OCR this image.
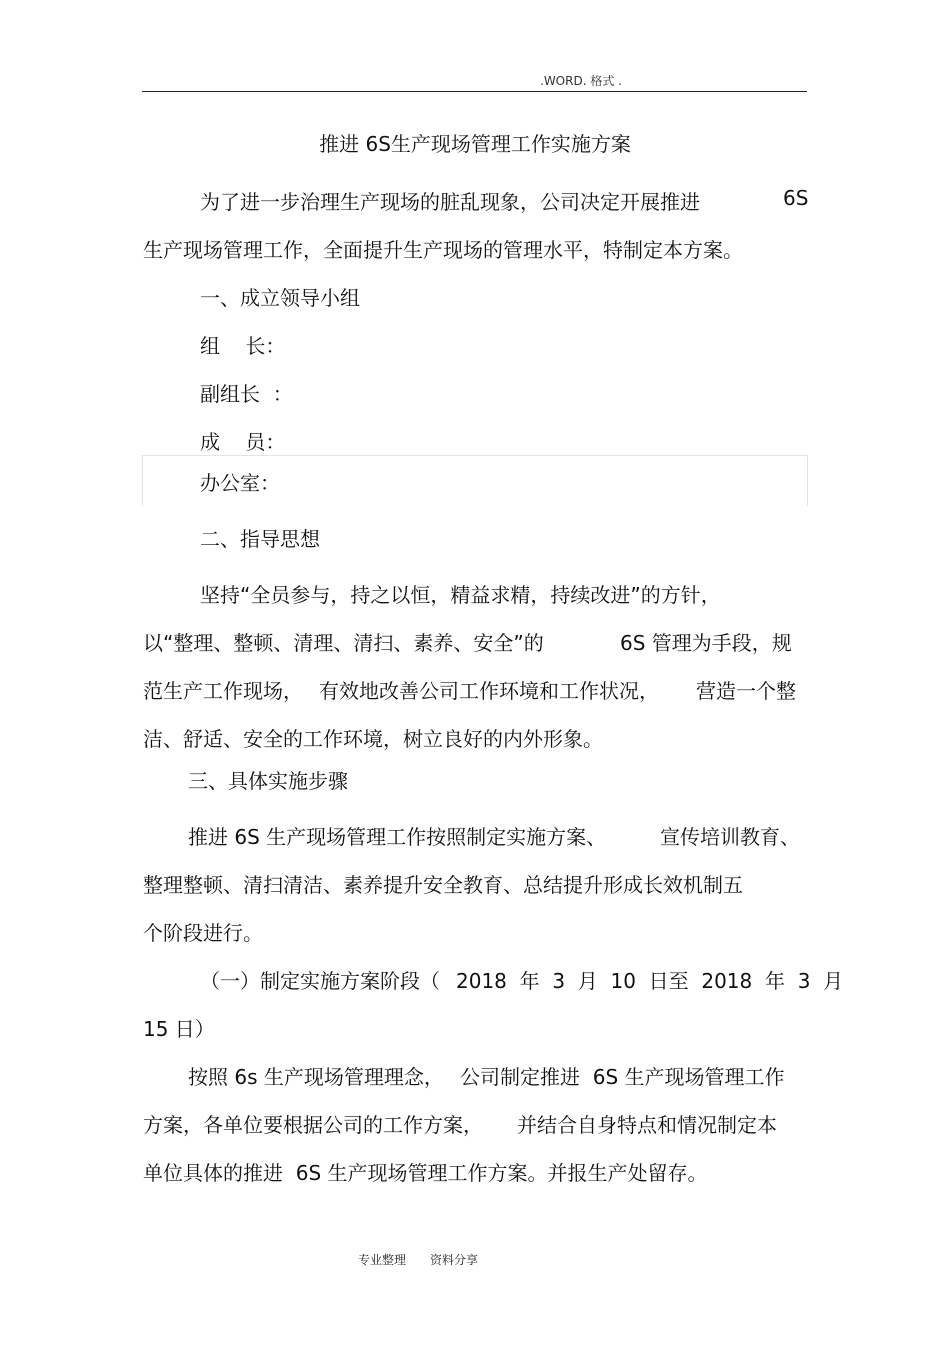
.WORD. 格式 .
推进 6S生产现场管理工作实施方案
为了进一步治理生产现场的脏乱现象，公司决定开展推进	6S
生产现场管理工作，全面提升生产现场的管理水平，特制定本方案。
一、成立领导小组
组    长：
副组长  ：
成    员：
办公室：
二、指导思想
坚持“全员参与，持之以恒，精益求精，持续改进”的方针，
以“整理、整顿、清理、清扫、素养、安全”的	6S 管理为手段，规
范生产工作现场， 有效地改善公司工作环境和工作状况， 营造一个整
洁、舒适、安全的工作环境，树立良好的内外形象。
三、具体实施步骤
推进 6S 生产现场管理工作按照制定实施方案、	宣传培训教育、
整理整顿、清扫清洁、素养提升安全教育、总结提升形成长效机制五
个阶段进行。
（一）制定实施方案阶段（ 2018  年  3  月  10  日至  2018  年  3  月
15 日）
按照 6s 生产现场管理理念， 公司制定推进  6S 生产现场管理工作
方案，各单位要根据公司的工作方案， 并结合自身特点和情况制定本
单位具体的推进  6S 生产现场管理工作方案。并报生产处留存。
专业整理 资料分享
